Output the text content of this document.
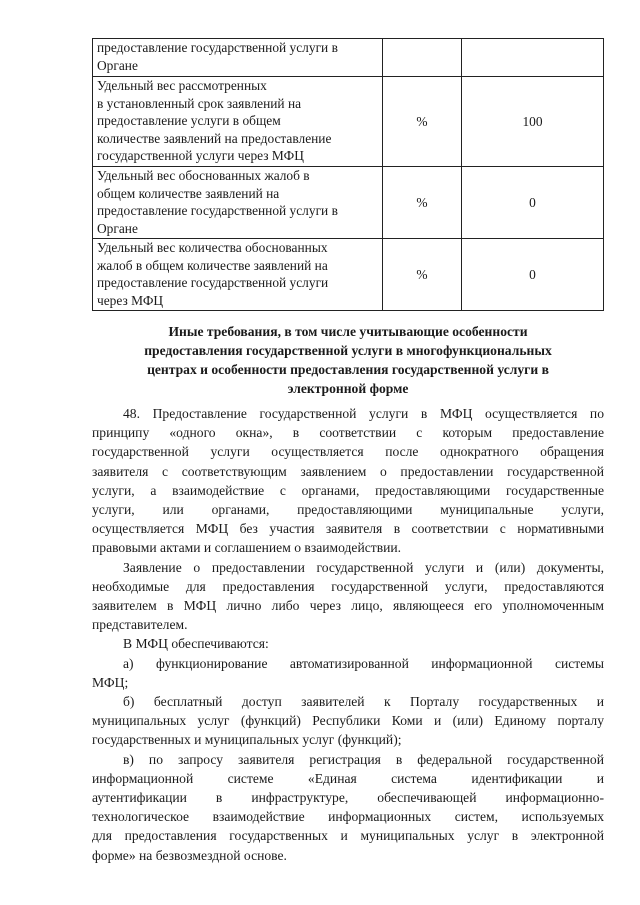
предоставление государственной услуги в
Органе		

Удельный вес рассмотренных
в установленный срок заявлений на
предоставление услуги в общем
количестве заявлений на предоставление
государственной услуги через МФЦ	%	100

Удельный вес обоснованных жалоб в
общем количестве заявлений на
предоставление государственной услуги в
Органе	%	0

Удельный вес количества обоснованных
жалоб в общем количестве заявлений на
предоставление государственной услуги
через МФЦ	%	0
Иные требования, в том числе учитывающие особенности
предоставления государственной услуги в многофункциональных
центрах и особенности предоставления государственной услуги в
электронной форме
48. Предоставление государственной услуги в МФЦ осуществляется по
принципу «одного окна», в соответствии с которым предоставление
государственной услуги осуществляется после однократного обращения
заявителя с соответствующим заявлением о предоставлении государственной
услуги, а взаимодействие с органами, предоставляющими государственные
услуги, или органами, предоставляющими муниципальные услуги,
осуществляется МФЦ без участия заявителя в соответствии с нормативными
правовыми актами и соглашением о взаимодействии.
Заявление о предоставлении государственной услуги и (или) документы,
необходимые для предоставления государственной услуги, предоставляются
заявителем в МФЦ лично либо через лицо, являющееся его уполномоченным
представителем.
В МФЦ обеспечиваются:
а) функционирование автоматизированной информационной системы
МФЦ;
б) бесплатный доступ заявителей к Порталу государственных и
муниципальных услуг (функций) Республики Коми и (или) Единому порталу
государственных и муниципальных услуг (функций);
в) по запросу заявителя регистрация в федеральной государственной
информационной системе «Единая система идентификации и
аутентификации в инфраструктуре, обеспечивающей информационно-
технологическое взаимодействие информационных систем, используемых
для предоставления государственных и муниципальных услуг в электронной
форме» на безвозмездной основе.
